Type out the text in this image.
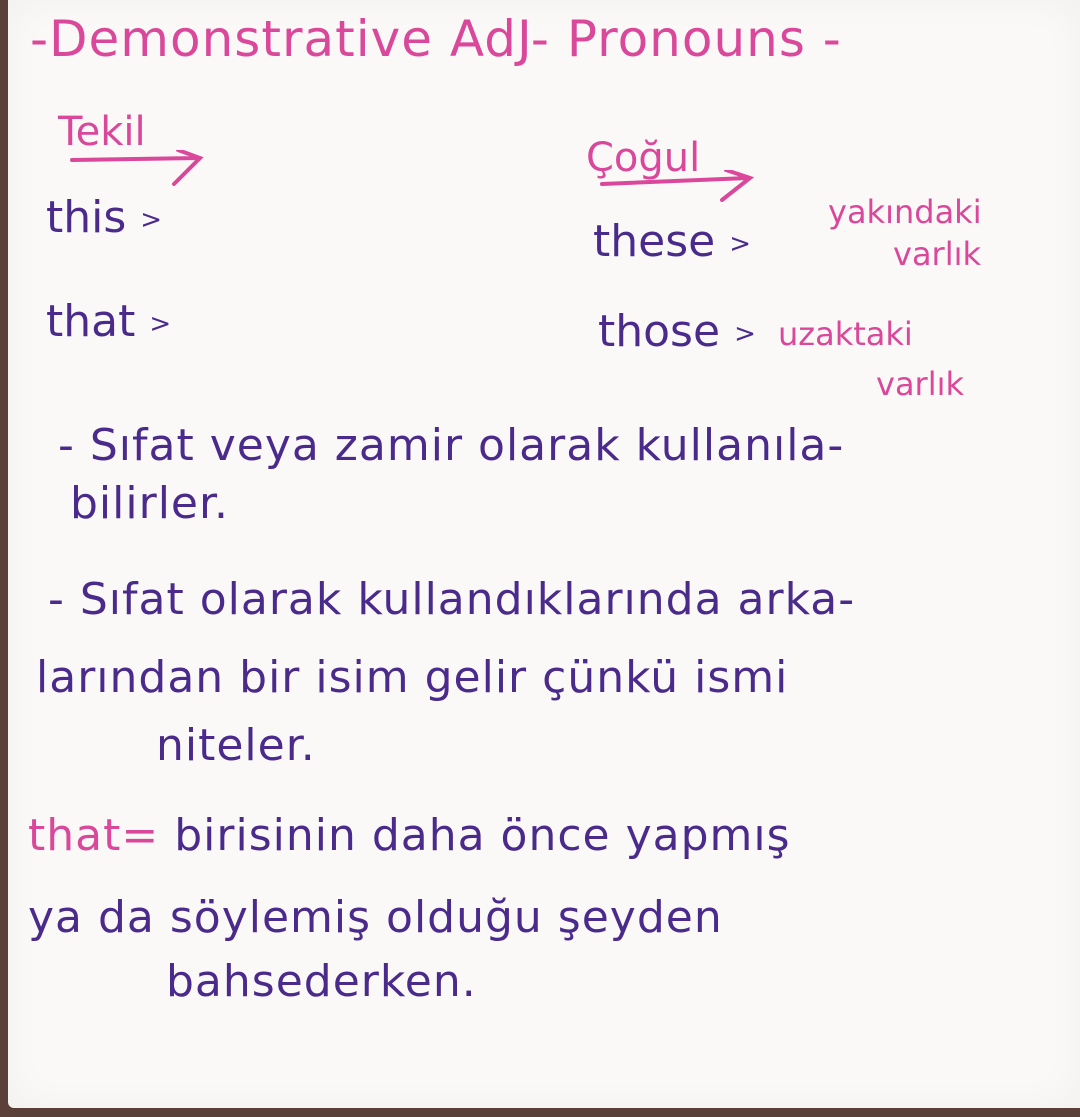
-Demonstrative AdJ- Pronouns -
Tekil
Çoğul
this >	these >
yakındaki
varlık
that >	those > uzaktaki
varlık
- Sıfat veya zamir olarak kullanıla-
bilirler.
- Sıfat olarak kullandıklarında arka-
larından bir isim gelir çünkü ismi
niteler.
that= birisinin daha önce yapmış
ya da söylemiş olduğu şeyden
bahsederken.
